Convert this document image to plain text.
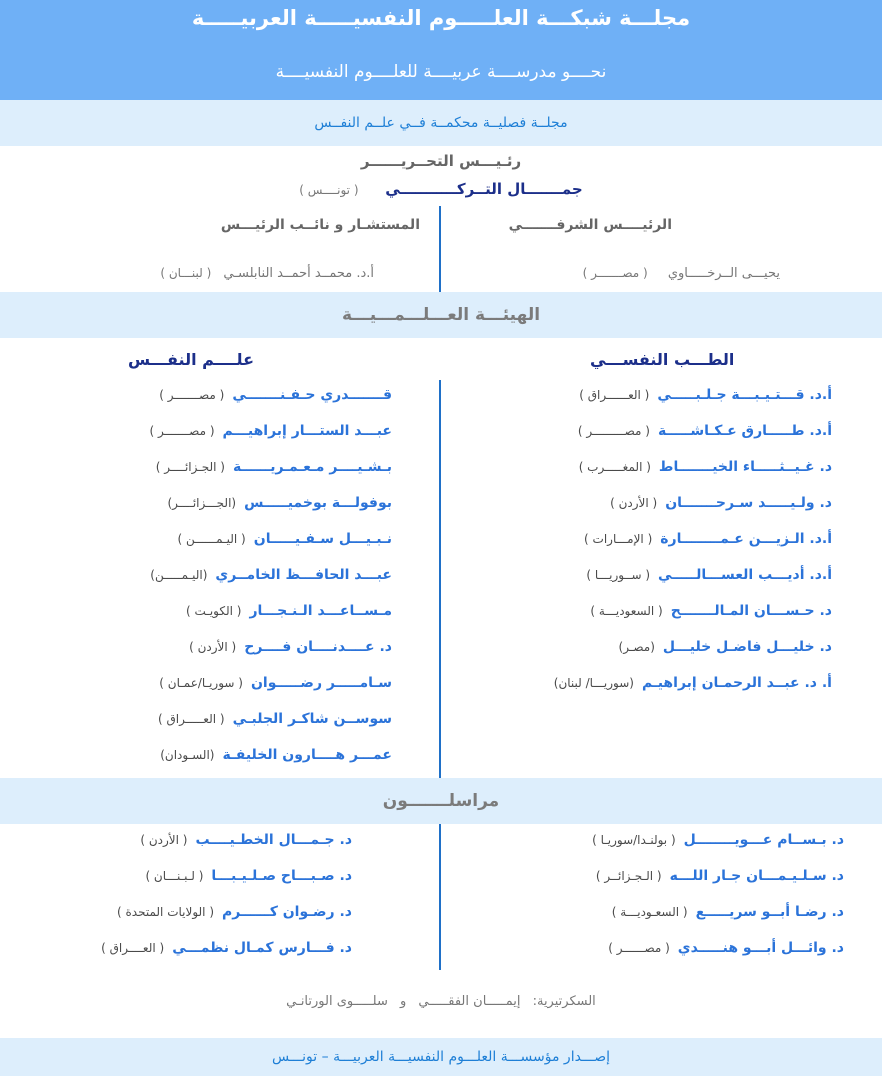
مجلـــة شبكـــة العلـــــوم النفسيـــــة العربيـــــة
نحــــو مدرســــة عربيــــة للعلــــوم النفسيــــة
مجلــة فصليــة محكمــة فــي علــم النفــس
رئـيـــس التحــريــــــر
جمـــــــال التــركـــــــــــي ( تونــــس )
الرئيــــس الشرفـــــــي
المستشـار و نائــب الرئيـــس
يحيـــى الــرخـــــاوي ( مصـــــــر )
أ.د. محمــد أحمــد النابلسـي ( لبنـــان )
الهيئـــة العـــلـــمـــيـــة
الطـــب النفســـي
علــــم النفـــس
أ.د. قـــتـيـبـــة جـلـبـــــي( العــــــراق )
أ.د. طـــــارق عـكـاشـــــة( مصـــــــــر )
د. غـيــثـــــاء الخيـــــــاط( المغـــــرب )
د. ولـيـــــد سـرحـــــــان( الأردن )
أ.د. الـزيـــن عـمــــــــارة( الإمـــارات )
أ.د. أديـــب العســـالـــــي( ســوريـــا )
د. حـســـان المـالـــــــح( السعوديـــة )
د. خليـــل فاضـل خليـــل(مصـر)
أ. د. عبــد الرحمـان إبراهيـم(سوريـــا/ لبنان)
قـــــــدري حـفـنـــــــي( مصـــــــر )
عبـــد الستـــار إبراهيـــم( مصـــــــر )
بـشـيــــر مـعـمـريــــــة( الجـزائــــر )
بوفولـــة بوخميـــــس(الجـــزائــــر)
نـبـيـــل سـفـيـــــان( اليـمــــــن )
عبـــد الحافـــظ الخامــري(اليـمـــــن)
مـســاعـــد الـنـجـــار( الكويـت )
د. عــــدنــــان فــــرح( الأردن )
سـامـــــر رضـــــوان( سوريـا/عمـان )
سوســن شاكـر الجلبـي( العـــــراق )
عمـــر هــــارون الخليفـة(السـودان)
مراسلـــــــون
د. بـســام عـــويــــــــل( بولنـدا/سوريـا )
د. سـلـيـمـــان جـار اللـــه( الـجـزائــر )
د. رضـا أبــو سريـــــع( السعـوديـــة )
د. وائـــل أبـــو هنـــــدي( مصــــــر )
د. جـمـــال الخطـيــــب( الأردن )
د. صـبـــاح صـلـيـبـــا( لـبـنـــان )
د. رضـوان كــــــرم( الولايات المتحدة )
د. فـــارس كمـال نظمـــي( العــــراق )
السكرتيرية: إيمـــــان الفقـــــي و سلـــــوى الورتانـي
إصـــدار مؤسســـة العلـــوم النفسيـــة العربيـــة – تونـــس
